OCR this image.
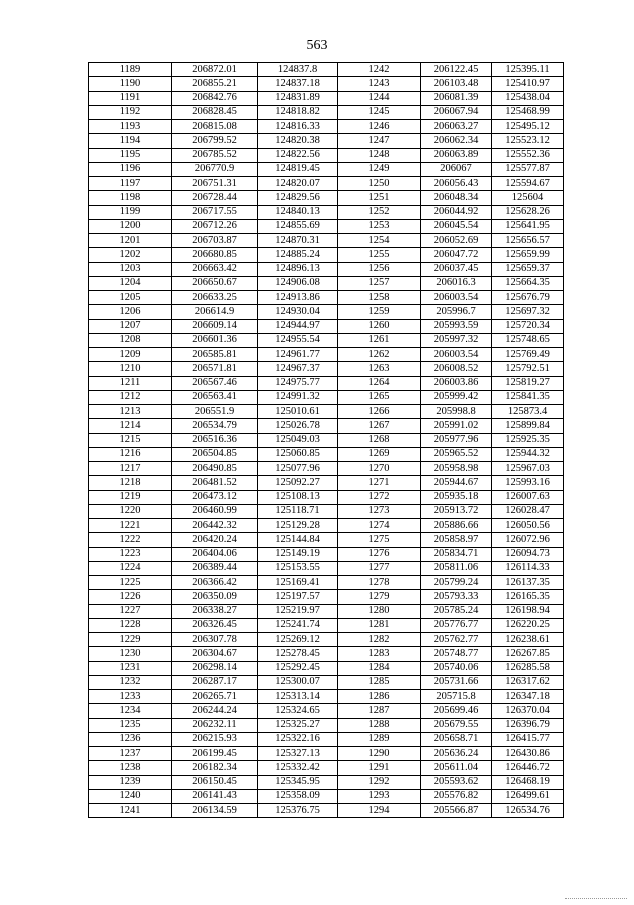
563
1189	206872.01	124837.8	1242	206122.45	125395.11
1190	206855.21	124837.18	1243	206103.48	125410.97
1191	206842.76	124831.89	1244	206081.39	125438.04
1192	206828.45	124818.82	1245	206067.94	125468.99
1193	206815.08	124816.33	1246	206063.27	125495.12
1194	206799.52	124820.38	1247	206062.34	125523.12
1195	206785.52	124822.56	1248	206063.89	125552.36
1196	206770.9	124819.45	1249	206067	125577.87
1197	206751.31	124820.07	1250	206056.43	125594.67
1198	206728.44	124829.56	1251	206048.34	125604
1199	206717.55	124840.13	1252	206044.92	125628.26
1200	206712.26	124855.69	1253	206045.54	125641.95
1201	206703.87	124870.31	1254	206052.69	125656.57
1202	206680.85	124885.24	1255	206047.72	125659.99
1203	206663.42	124896.13	1256	206037.45	125659.37
1204	206650.67	124906.08	1257	206016.3	125664.35
1205	206633.25	124913.86	1258	206003.54	125676.79
1206	206614.9	124930.04	1259	205996.7	125697.32
1207	206609.14	124944.97	1260	205993.59	125720.34
1208	206601.36	124955.54	1261	205997.32	125748.65
1209	206585.81	124961.77	1262	206003.54	125769.49
1210	206571.81	124967.37	1263	206008.52	125792.51
1211	206567.46	124975.77	1264	206003.86	125819.27
1212	206563.41	124991.32	1265	205999.42	125841.35
1213	206551.9	125010.61	1266	205998.8	125873.4
1214	206534.79	125026.78	1267	205991.02	125899.84
1215	206516.36	125049.03	1268	205977.96	125925.35
1216	206504.85	125060.85	1269	205965.52	125944.32
1217	206490.85	125077.96	1270	205958.98	125967.03
1218	206481.52	125092.27	1271	205944.67	125993.16
1219	206473.12	125108.13	1272	205935.18	126007.63
1220	206460.99	125118.71	1273	205913.72	126028.47
1221	206442.32	125129.28	1274	205886.66	126050.56
1222	206420.24	125144.84	1275	205858.97	126072.96
1223	206404.06	125149.19	1276	205834.71	126094.73
1224	206389.44	125153.55	1277	205811.06	126114.33
1225	206366.42	125169.41	1278	205799.24	126137.35
1226	206350.09	125197.57	1279	205793.33	126165.35
1227	206338.27	125219.97	1280	205785.24	126198.94
1228	206326.45	125241.74	1281	205776.77	126220.25
1229	206307.78	125269.12	1282	205762.77	126238.61
1230	206304.67	125278.45	1283	205748.77	126267.85
1231	206298.14	125292.45	1284	205740.06	126285.58
1232	206287.17	125300.07	1285	205731.66	126317.62
1233	206265.71	125313.14	1286	205715.8	126347.18
1234	206244.24	125324.65	1287	205699.46	126370.04
1235	206232.11	125325.27	1288	205679.55	126396.79
1236	206215.93	125322.16	1289	205658.71	126415.77
1237	206199.45	125327.13	1290	205636.24	126430.86
1238	206182.34	125332.42	1291	205611.04	126446.72
1239	206150.45	125345.95	1292	205593.62	126468.19
1240	206141.43	125358.09	1293	205576.82	126499.61
1241	206134.59	125376.75	1294	205566.87	126534.76
